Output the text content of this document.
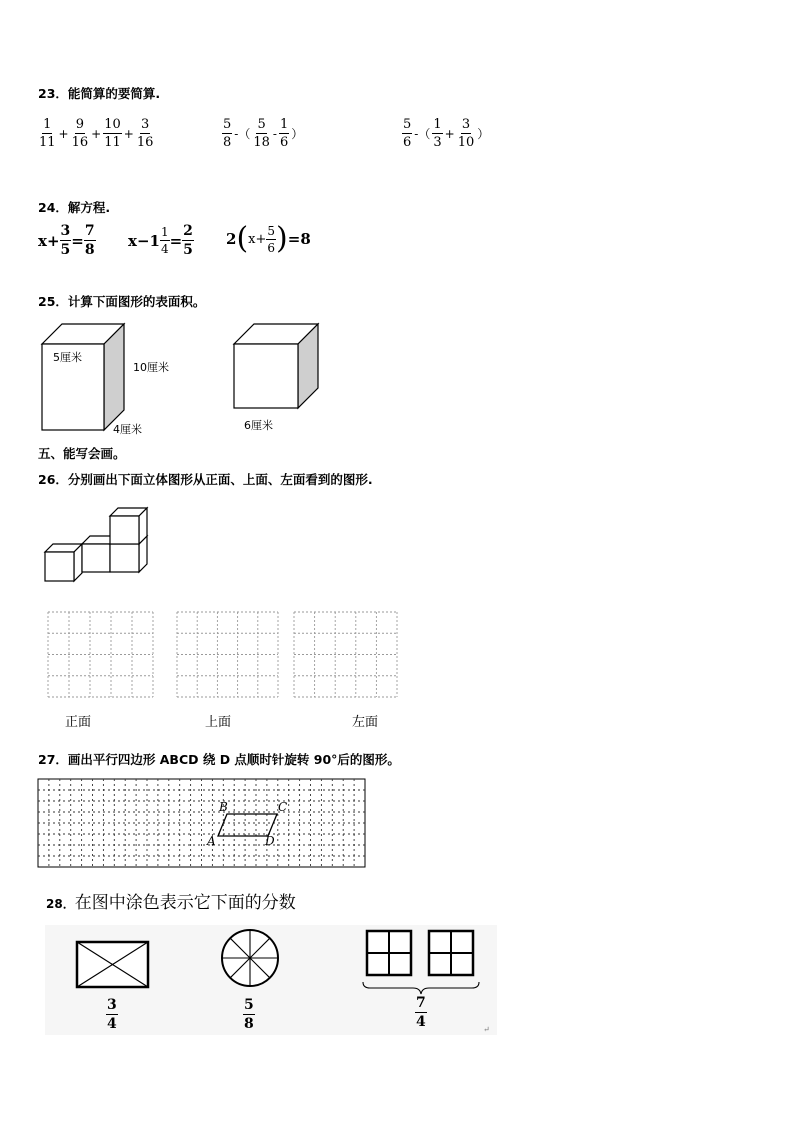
23．能简算的要简算.
$\frac{1}{11} + \frac{9}{16} + \frac{10}{11} + \frac{3}{16}$	$\frac{5}{8}$ -（ $\frac{5}{18} - \frac{1}{6}$ ）	$\frac{5}{6}$ -（ $\frac{1}{3} + \frac{3}{10}$ ）
24．解方程.
$x+ \frac{3}{5} = \frac{7}{8} x-1 \frac{1}{4} = \frac{2}{5} 2$ ( $x+ \frac{5}{6}$ ) =8
25．计算下面图形的表面积。
5厘米
10厘米
4厘米	6厘米
五、能写会画。
26．分别画出下面立体图形从正面、上面、左面看到的图形.
正面	上面	左面
27．画出平行四边形 ABCD 绕 D 点顺时针旋转 90°后的图形。
B	C
A	D
28． 在图中涂色表示它下面的分数
$\frac{3}{4}$	$\frac{5}{8}$	$\frac{7}{4}$
↵
